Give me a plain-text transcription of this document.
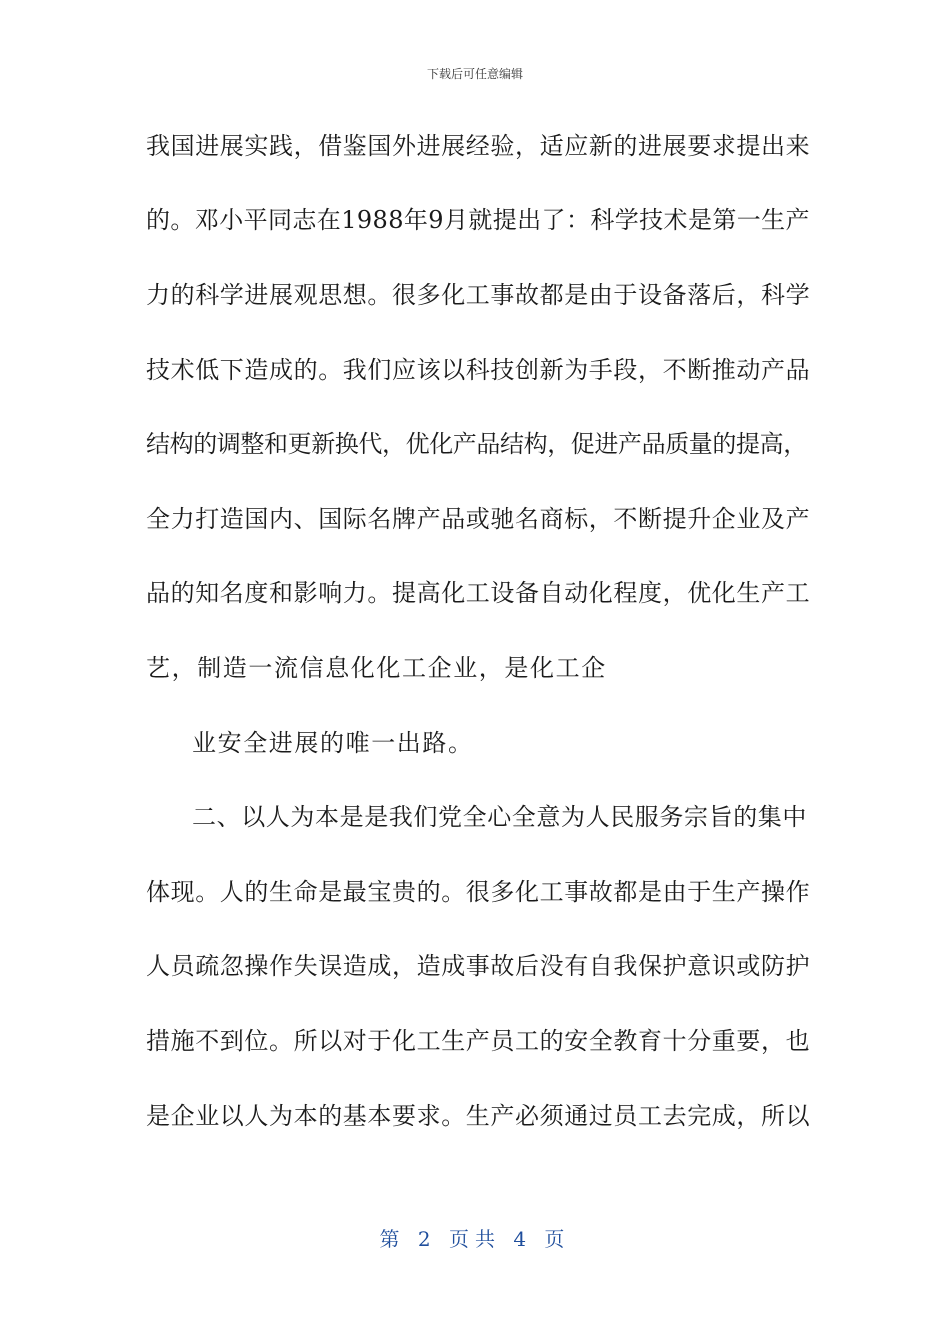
下载后可任意编辑
我国进展实践，借鉴国外进展经验，适应新的进展要求提出来
的。邓小平同志在1988年9月就提出了：科学技术是第一生产
力的科学进展观思想。很多化工事故都是由于设备落后，科学
技术低下造成的。我们应该以科技创新为手段，不断推动产品
结构的调整和更新换代，优化产品结构，促进产品质量的提高，
全力打造国内、国际名牌产品或驰名商标，不断提升企业及产
品的知名度和影响力。提高化工设备自动化程度，优化生产工
艺，制造一流信息化化工企业，是化工企
业安全进展的唯一出路。
二、以人为本是是我们党全心全意为人民服务宗旨的集中
体现。人的生命是最宝贵的。很多化工事故都是由于生产操作
人员疏忽操作失误造成，造成事故后没有自我保护意识或防护
措施不到位。所以对于化工生产员工的安全教育十分重要，也
是企业以人为本的基本要求。生产必须通过员工去完成，所以
第 2 页共 4 页
